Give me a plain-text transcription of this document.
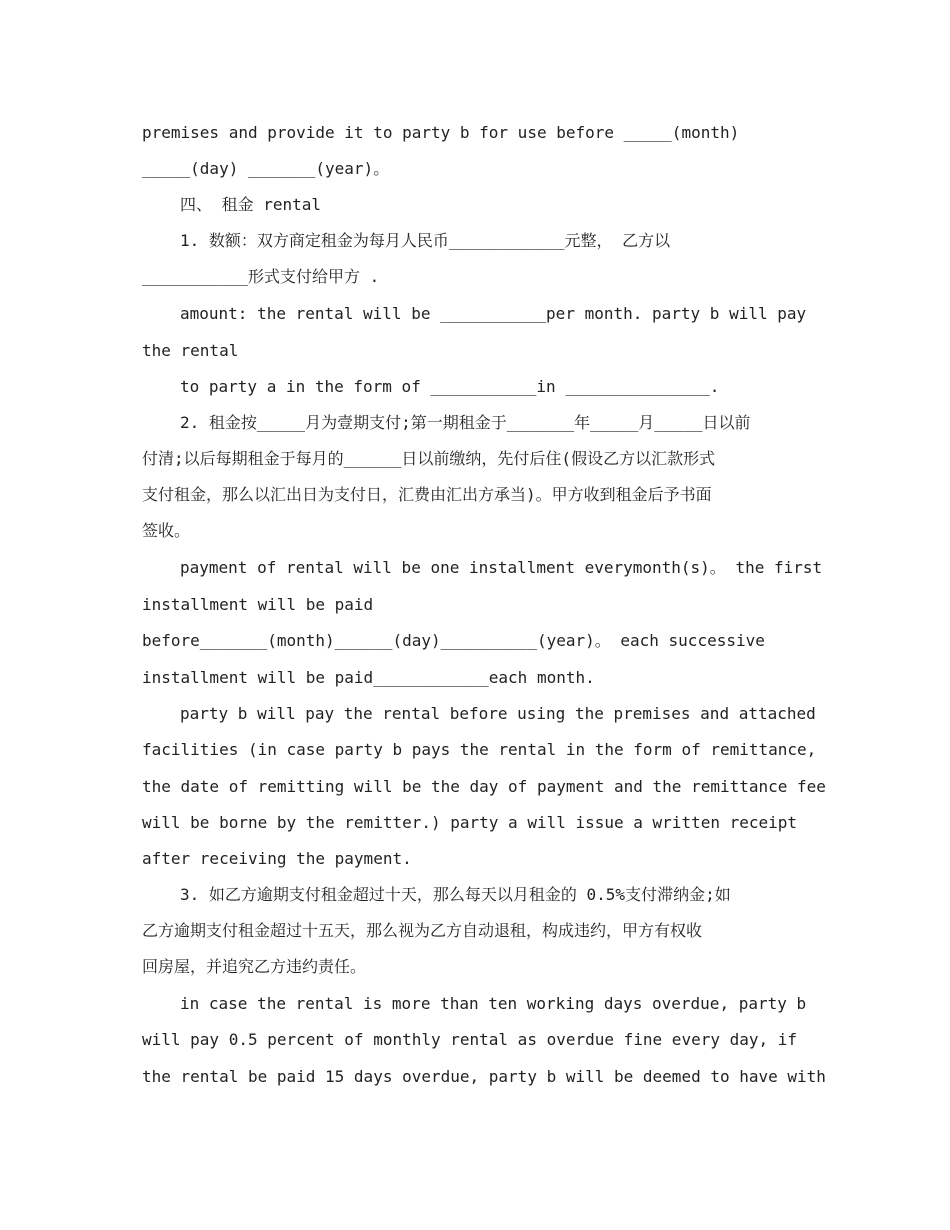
premises and provide it to party b for use before _____(month)
_____(day) _______(year)。
四、 租金 rental
1. 数额：双方商定租金为每月人民币____________元整， 乙方以
___________形式支付给甲方 .
amount: the rental will be ___________per month. party b will pay
the rental
to party a in the form of ___________in _______________.
2. 租金按_____月为壹期支付;第一期租金于_______年_____月_____日以前
付清;以后每期租金于每月的______日以前缴纳，先付后住(假设乙方以汇款形式
支付租金，那么以汇出日为支付日，汇费由汇出方承当)。甲方收到租金后予书面
签收。
payment of rental will be one installment everymonth(s)。 the first
installment will be paid
before_______(month)______(day)__________(year)。 each successive
installment will be paid____________each month.
party b will pay the rental before using the premises and attached
facilities (in case party b pays the rental in the form of remittance,
the date of remitting will be the day of payment and the remittance fee
will be borne by the remitter.) party a will issue a written receipt
after receiving the payment.
3. 如乙方逾期支付租金超过十天，那么每天以月租金的 0.5%支付滞纳金;如
乙方逾期支付租金超过十五天，那么视为乙方自动退租，构成违约，甲方有权收
回房屋，并追究乙方违约责任。
in case the rental is more than ten working days overdue, party b
will pay 0.5 percent of monthly rental as overdue fine every day, if
the rental be paid 15 days overdue, party b will be deemed to have with
